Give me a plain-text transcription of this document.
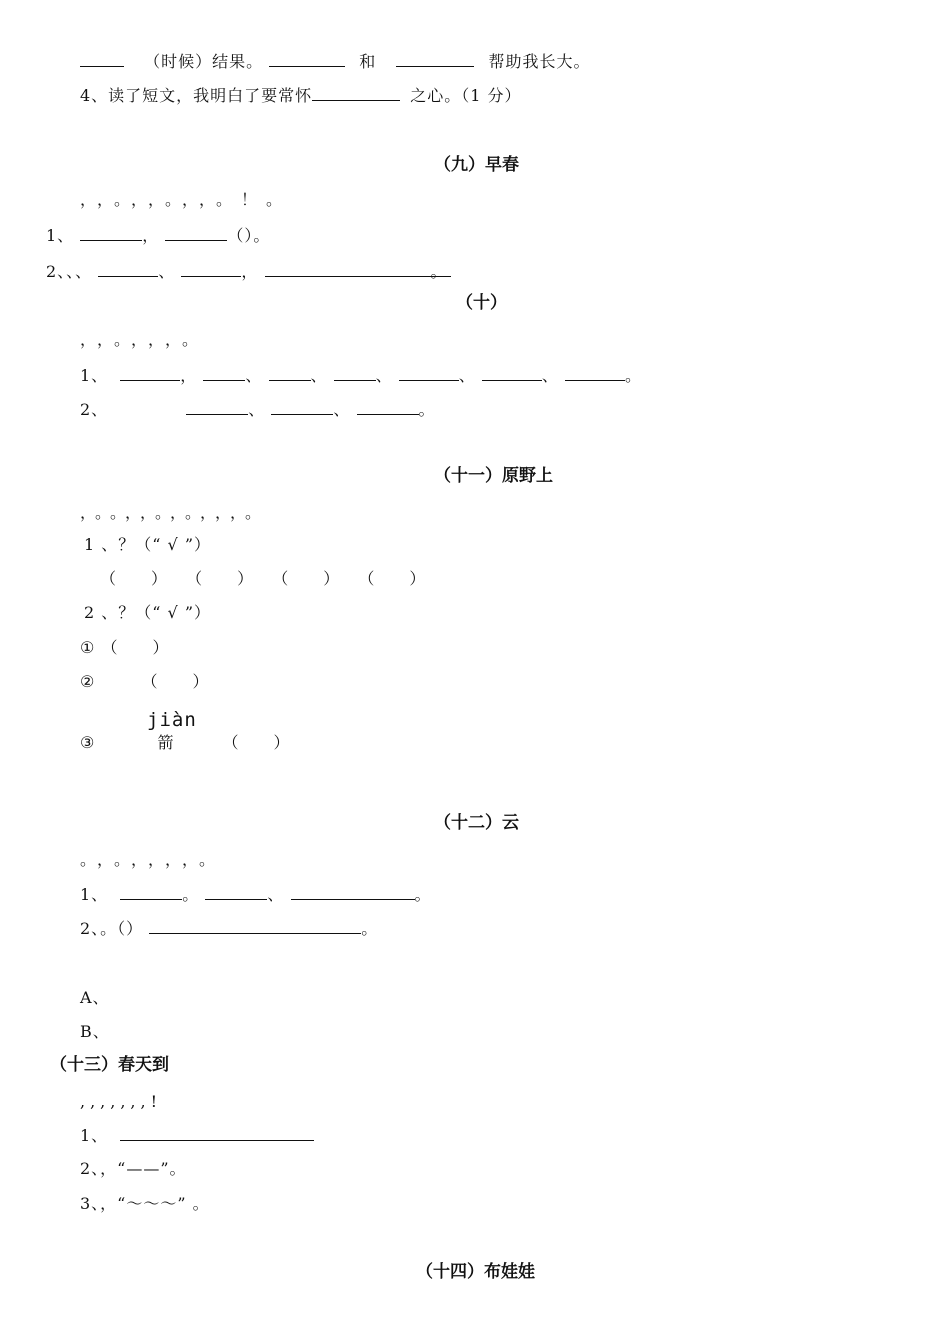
（时候）结果。	和	帮助我长大。
4、读了短文，我明白了要常怀	之心。（1 分）
（九）早春
，，。，，。，，。！。
1、	，	（）。
2、、、	、	，	。
（十）
，，。，，，。
1、	，	、	、	、	、	、	。
2、	、	、	。
（十一）原野上
，。。，，。，。，，，。
1 、？（“ √ ”）
（　　） （　　） （　　） （　　）
2 、？（“ √ ”）
① （　　）
②	（　　）
jiàn
③	箭	（　　）
（十二）云
。，。，，，，。
1、	。	、	。
2、。（）	。
A、
B、
（十三）春天到
,,,,,,,!
1、
2、，“——”。
3、，“～～～” 。
（十四）布娃娃
